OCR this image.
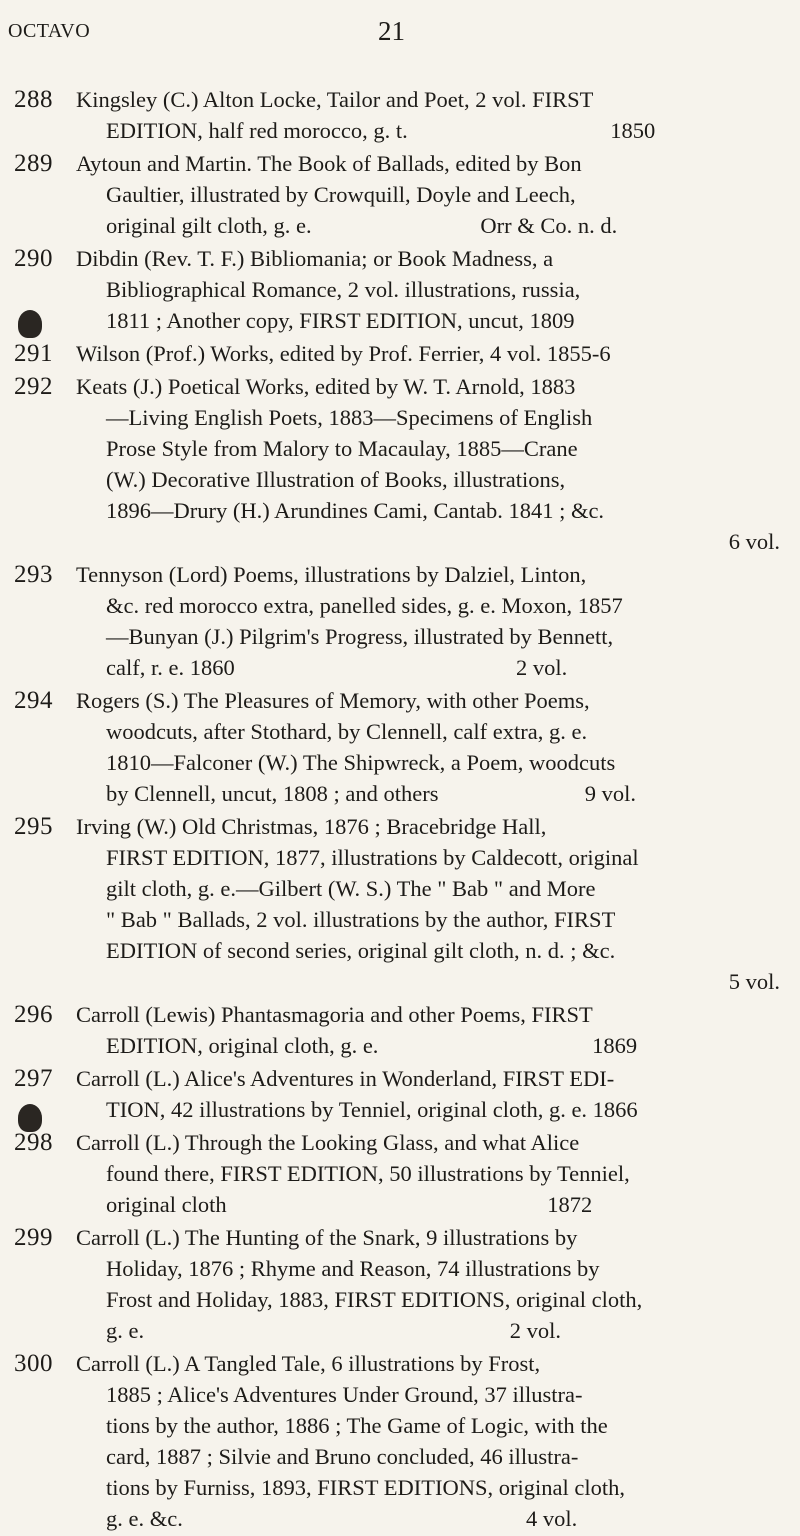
OCTAVO	21
288 Kingsley (C.) Alton Locke, Tailor and Poet, 2 vol. FIRST
EDITION, half red morocco, g. t.                                    1850
289 Aytoun and Martin. The Book of Ballads, edited by Bon
Gaultier, illustrated by Crowquill, Doyle and Leech,
original gilt cloth, g. e.                              Orr & Co. n. d.
290 Dibdin (Rev. T. F.) Bibliomania; or Book Madness, a
Bibliographical Romance, 2 vol. illustrations, russia,
1811 ; Another copy, FIRST EDITION, uncut, 1809
291 Wilson (Prof.) Works, edited by Prof. Ferrier, 4 vol. 1855-6
292 Keats (J.) Poetical Works, edited by W. T. Arnold, 1883
—Living English Poets, 1883—Specimens of English
Prose Style from Malory to Macaulay, 1885—Crane
(W.) Decorative Illustration of Books, illustrations,
1896—Drury (H.) Arundines Cami, Cantab. 1841 ; &c.
6 vol.
293 Tennyson (Lord) Poems, illustrations by Dalziel, Linton,
&c. red morocco extra, panelled sides, g. e. Moxon, 1857
—Bunyan (J.) Pilgrim's Progress, illustrated by Bennett,
calf, r. e. 1860                                                  2 vol.
294 Rogers (S.) The Pleasures of Memory, with other Poems,
woodcuts, after Stothard, by Clennell, calf extra, g. e.
1810—Falconer (W.) The Shipwreck, a Poem, woodcuts
by Clennell, uncut, 1808 ; and others                          9 vol.
295 Irving (W.) Old Christmas, 1876 ; Bracebridge Hall,
FIRST EDITION, 1877, illustrations by Caldecott, original
gilt cloth, g. e.—Gilbert (W. S.) The " Bab " and More
" Bab " Ballads, 2 vol. illustrations by the author, FIRST
EDITION of second series, original gilt cloth, n. d. ; &c.
5 vol.
296 Carroll (Lewis) Phantasmagoria and other Poems, FIRST
EDITION, original cloth, g. e.                                      1869
297 Carroll (L.) Alice's Adventures in Wonderland, FIRST EDI-
TION, 42 illustrations by Tenniel, original cloth, g. e. 1866
298 Carroll (L.) Through the Looking Glass, and what Alice
found there, FIRST EDITION, 50 illustrations by Tenniel,
original cloth                                                         1872
299 Carroll (L.) The Hunting of the Snark, 9 illustrations by
Holiday, 1876 ; Rhyme and Reason, 74 illustrations by
Frost and Holiday, 1883, FIRST EDITIONS, original cloth,
g. e.                                                                 2 vol.
300 Carroll (L.) A Tangled Tale, 6 illustrations by Frost,
1885 ; Alice's Adventures Under Ground, 37 illustra-
tions by the author, 1886 ; The Game of Logic, with the
card, 1887 ; Silvie and Bruno concluded, 46 illustra-
tions by Furniss, 1893, FIRST EDITIONS, original cloth,
g. e. &c.                                                             4 vol.
